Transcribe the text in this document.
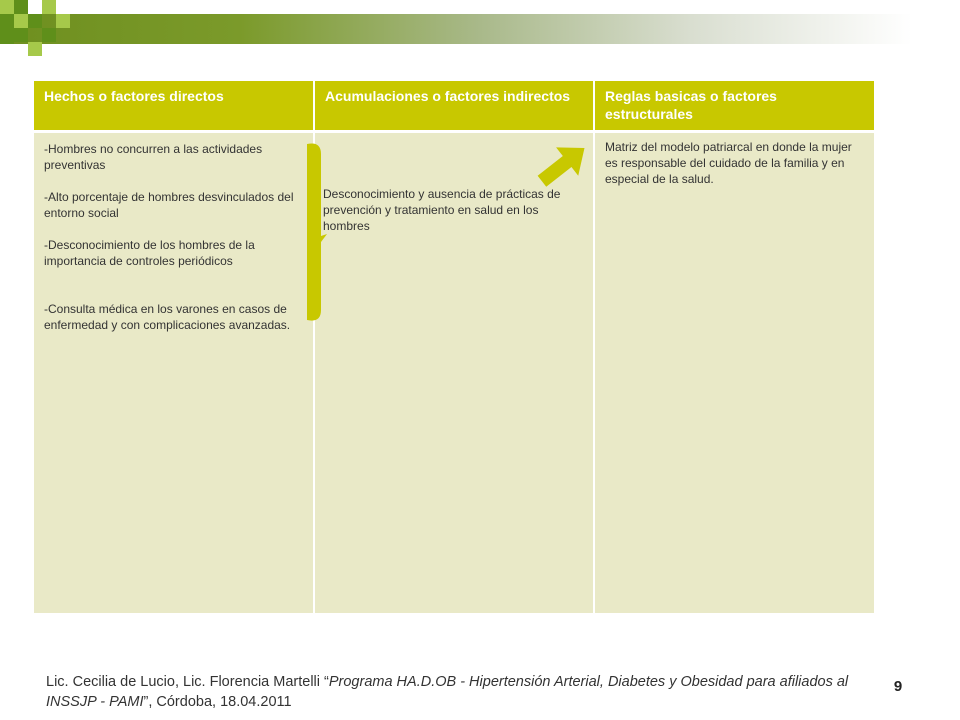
Hechos o factores directos	Acumulaciones o factores indirectos	Reglas basicas o factores estructurales

-Hombres no concurren a las actividades preventivas

-Alto porcentaje de hombres desvinculados del entorno social

-Desconocimiento de los hombres de la importancia de controles periódicos

-Consulta médica en los varones en casos de enfermedad y con complicaciones avanzadas.	Desconocimiento y ausencia de prácticas de prevención y tratamiento en salud en los hombres	Matriz del modelo patriarcal en donde la mujer es responsable del cuidado de la familia y en especial de la salud.

Lic. Cecilia de Lucio, Lic. Florencia Martelli “Programa HA.D.OB - Hipertensión Arterial, Diabetes y Obesidad para afiliados al INSSJP - PAMI”, Córdoba, 18.04.2011
9
